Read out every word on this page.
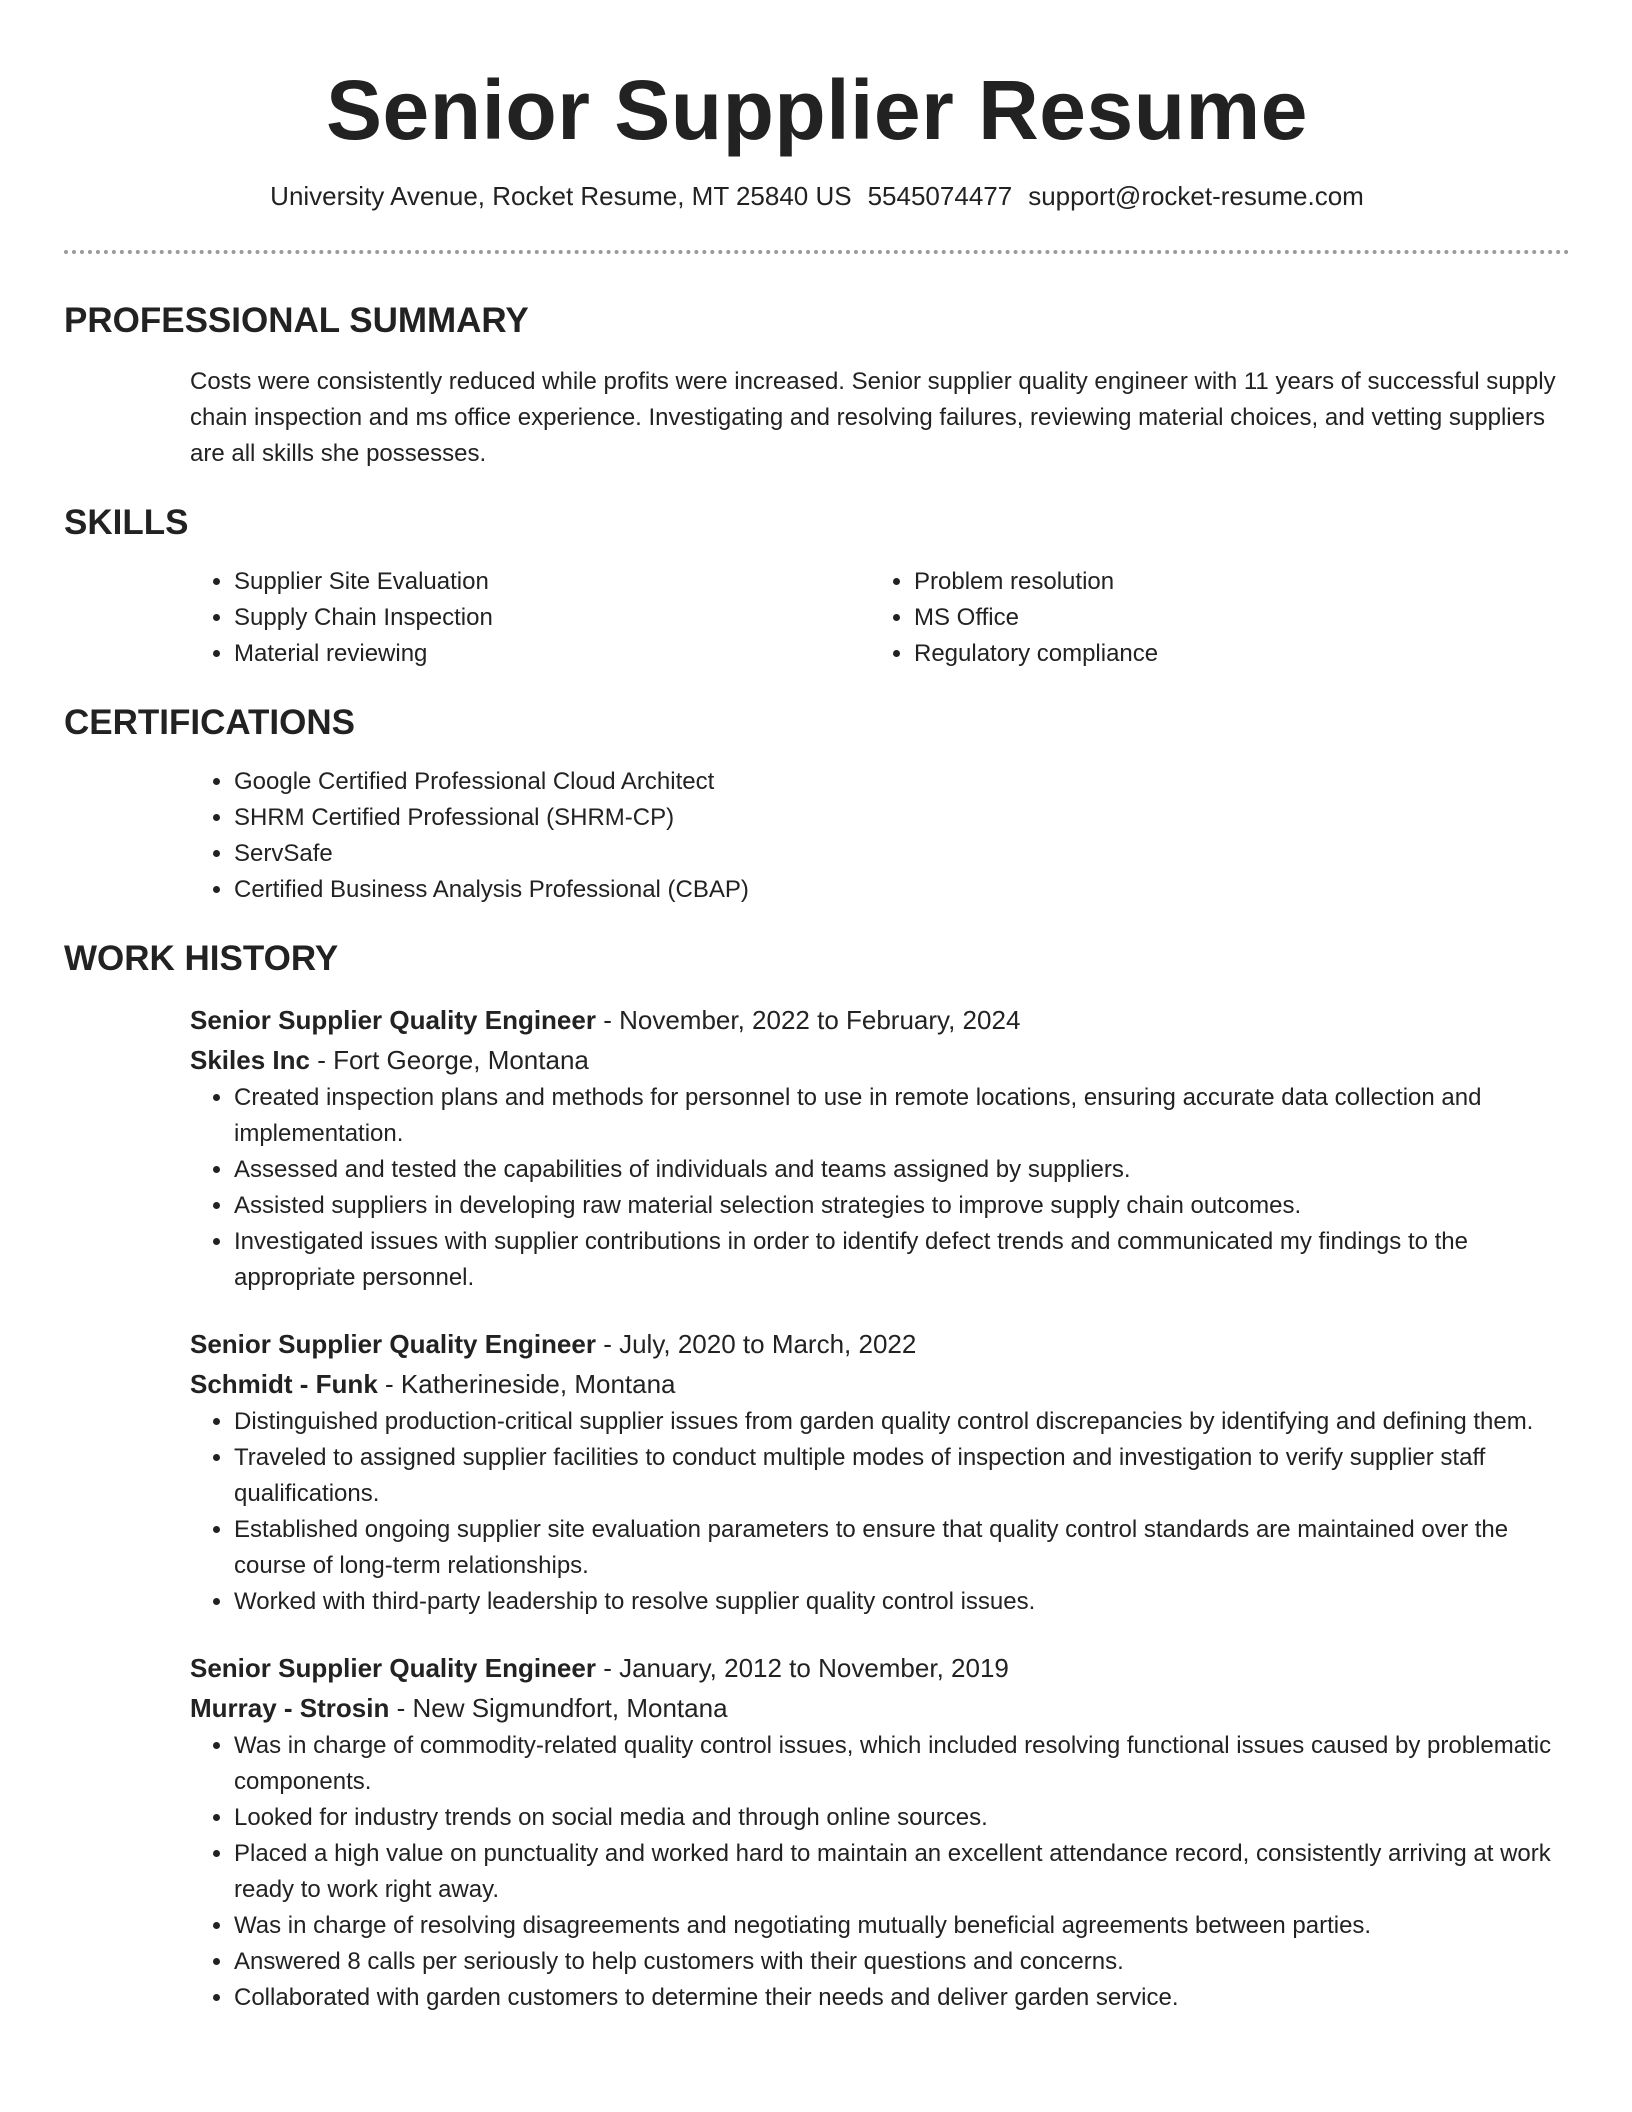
Senior Supplier Resume
University Avenue, Rocket Resume, MT 25840 US 5545074477 support@rocket-resume.com
PROFESSIONAL SUMMARY

Costs were consistently reduced while profits were increased. Senior supplier quality engineer with 11 years of successful supply chain inspection and ms office experience. Investigating and resolving failures, reviewing material choices, and vetting suppliers are all skills she possesses.

SKILLS
• Supplier Site Evaluation
• Supply Chain Inspection
• Material reviewing
• Problem resolution
• MS Office
• Regulatory compliance
CERTIFICATIONS
• Google Certified Professional Cloud Architect
• SHRM Certified Professional (SHRM-CP)
• ServSafe
• Certified Business Analysis Professional (CBAP)
WORK HISTORY
Senior Supplier Quality Engineer - November, 2022 to February, 2024
Skiles Inc - Fort George, Montana
• Created inspection plans and methods for personnel to use in remote locations, ensuring accurate data collection and implementation.
• Assessed and tested the capabilities of individuals and teams assigned by suppliers.
• Assisted suppliers in developing raw material selection strategies to improve supply chain outcomes.
• Investigated issues with supplier contributions in order to identify defect trends and communicated my findings to the appropriate personnel.
Senior Supplier Quality Engineer - July, 2020 to March, 2022
Schmidt - Funk - Katherineside, Montana
• Distinguished production-critical supplier issues from garden quality control discrepancies by identifying and defining them.
• Traveled to assigned supplier facilities to conduct multiple modes of inspection and investigation to verify supplier staff qualifications.
• Established ongoing supplier site evaluation parameters to ensure that quality control standards are maintained over the course of long-term relationships.
• Worked with third-party leadership to resolve supplier quality control issues.
Senior Supplier Quality Engineer - January, 2012 to November, 2019
Murray - Strosin - New Sigmundfort, Montana
• Was in charge of commodity-related quality control issues, which included resolving functional issues caused by problematic components.
• Looked for industry trends on social media and through online sources.
• Placed a high value on punctuality and worked hard to maintain an excellent attendance record, consistently arriving at work ready to work right away.
• Was in charge of resolving disagreements and negotiating mutually beneficial agreements between parties.
• Answered 8 calls per seriously to help customers with their questions and concerns.
• Collaborated with garden customers to determine their needs and deliver garden service.
